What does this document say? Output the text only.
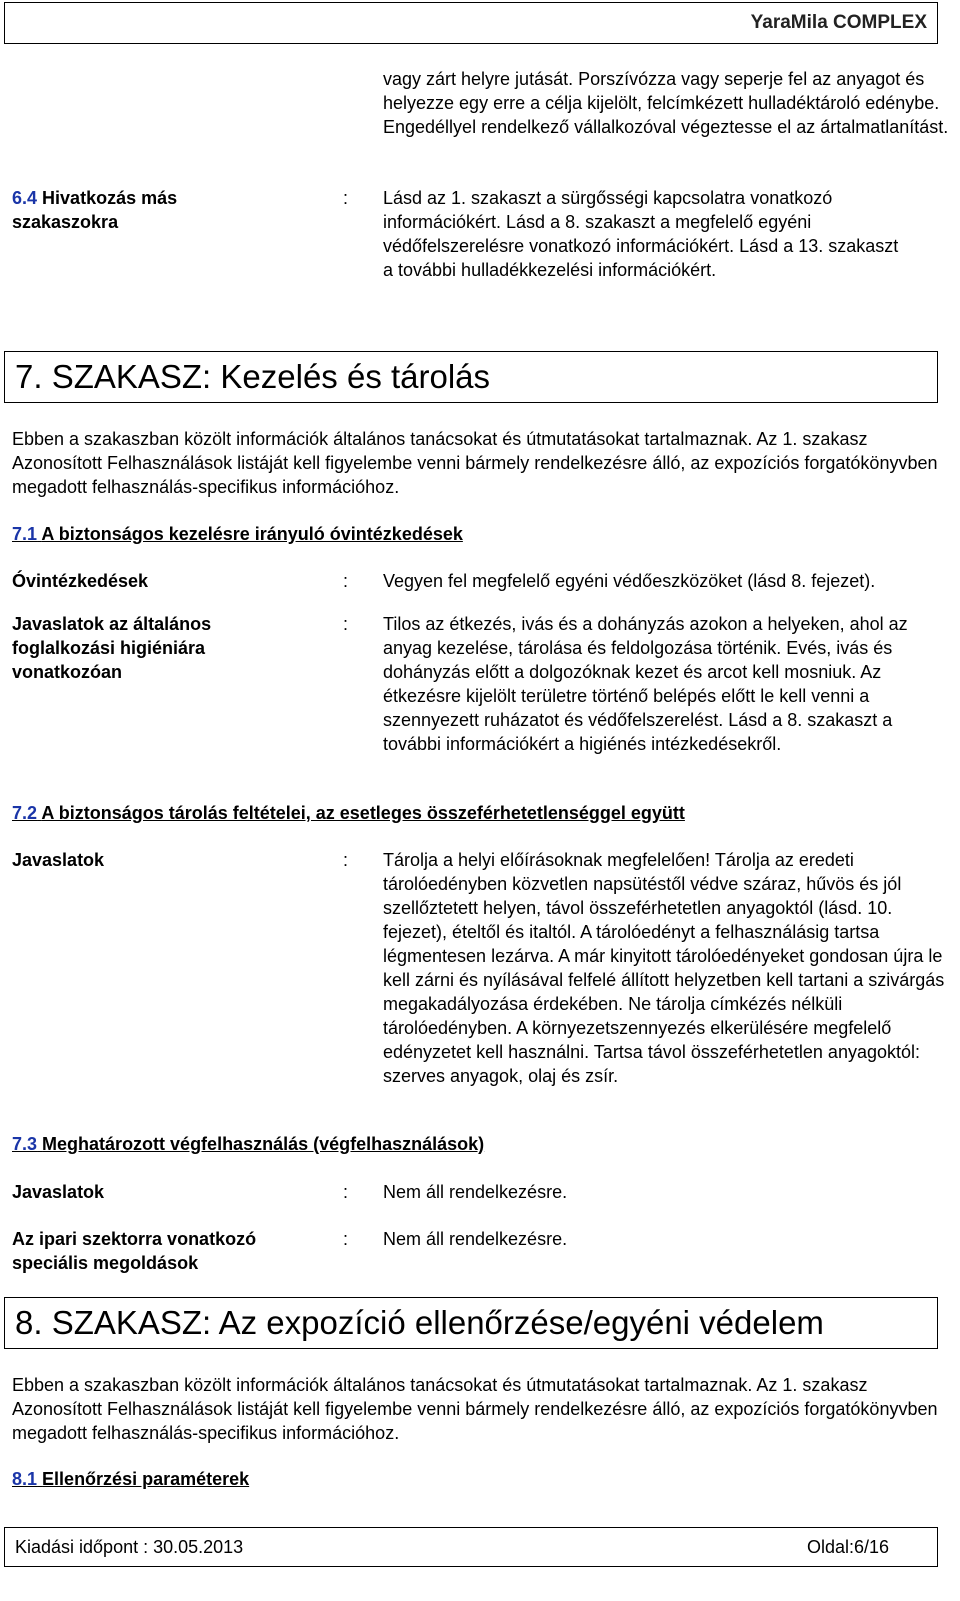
YaraMila COMPLEX
vagy zárt helyre jutását. Porszívózza vagy seperje fel az anyagot és helyezze egy erre a célja kijelölt, felcímkézett hulladéktároló edénybe. Engedéllyel rendelkező vállalkozóval végeztesse el az ártalmatlanítást.
6.4 Hivatkozás más szakaszokra
: Lásd az 1. szakaszt a sürgősségi kapcsolatra vonatkozó információkért. Lásd a 8. szakaszt a megfelelő egyéni védőfelszerelésre vonatkozó információkért. Lásd a 13. szakaszt a további hulladékkezelési információkért.
7. SZAKASZ: Kezelés és tárolás
Ebben a szakaszban közölt információk általános tanácsokat és útmutatásokat tartalmaznak. Az 1. szakasz Azonosított Felhasználások listáját kell figyelembe venni bármely rendelkezésre álló, az expozíciós forgatókönyvben megadott felhasználás-specifikus információhoz.
7.1 A biztonságos kezelésre irányuló óvintézkedések
Óvintézkedések	: Vegyen fel megfelelő egyéni védőeszközöket (lásd 8. fejezet).
Javaslatok az általános foglalkozási higiéniára vonatkozóan
: Tilos az étkezés, ivás és a dohányzás azokon a helyeken, ahol az anyag kezelése, tárolása és feldolgozása történik. Evés, ivás és dohányzás előtt a dolgozóknak kezet és arcot kell mosniuk. Az étkezésre kijelölt területre történő belépés előtt le kell venni a szennyezett ruházatot és védőfelszerelést. Lásd a 8. szakaszt a további információkért a higiénés intézkedésekről.
7.2 A biztonságos tárolás feltételei, az esetleges összeférhetetlenséggel együtt
Javaslatok	: Tárolja a helyi előírásoknak megfelelően! Tárolja az eredeti tárolóedényben közvetlen napsütéstől védve száraz, hűvös és jól szellőztetett helyen, távol összeférhetetlen anyagoktól (lásd. 10. fejezet), ételtől és italtól. A tárolóedényt a felhasználásig tartsa légmentesen lezárva. A már kinyitott tárolóedényeket gondosan újra le kell zárni és nyílásával felfelé állított helyzetben kell tartani a szivárgás megakadályozása érdekében. Ne tárolja címkézés nélküli tárolóedényben. A környezetszennyezés elkerülésére megfelelő edényzetet kell használni. Tartsa távol összeférhetetlen anyagoktól: szerves anyagok, olaj és zsír.
7.3 Meghatározott végfelhasználás (végfelhasználások)
Javaslatok	: Nem áll rendelkezésre.
Az ipari szektorra vonatkozó speciális megoldások
: Nem áll rendelkezésre.
8. SZAKASZ: Az expozíció ellenőrzése/egyéni védelem
Ebben a szakaszban közölt információk általános tanácsokat és útmutatásokat tartalmaznak. Az 1. szakasz Azonosított Felhasználások listáját kell figyelembe venni bármely rendelkezésre álló, az expozíciós forgatókönyvben megadott felhasználás-specifikus információhoz.
8.1 Ellenőrzési paraméterek
Kiadási időpont : 30.05.2013	Oldal:6/16
